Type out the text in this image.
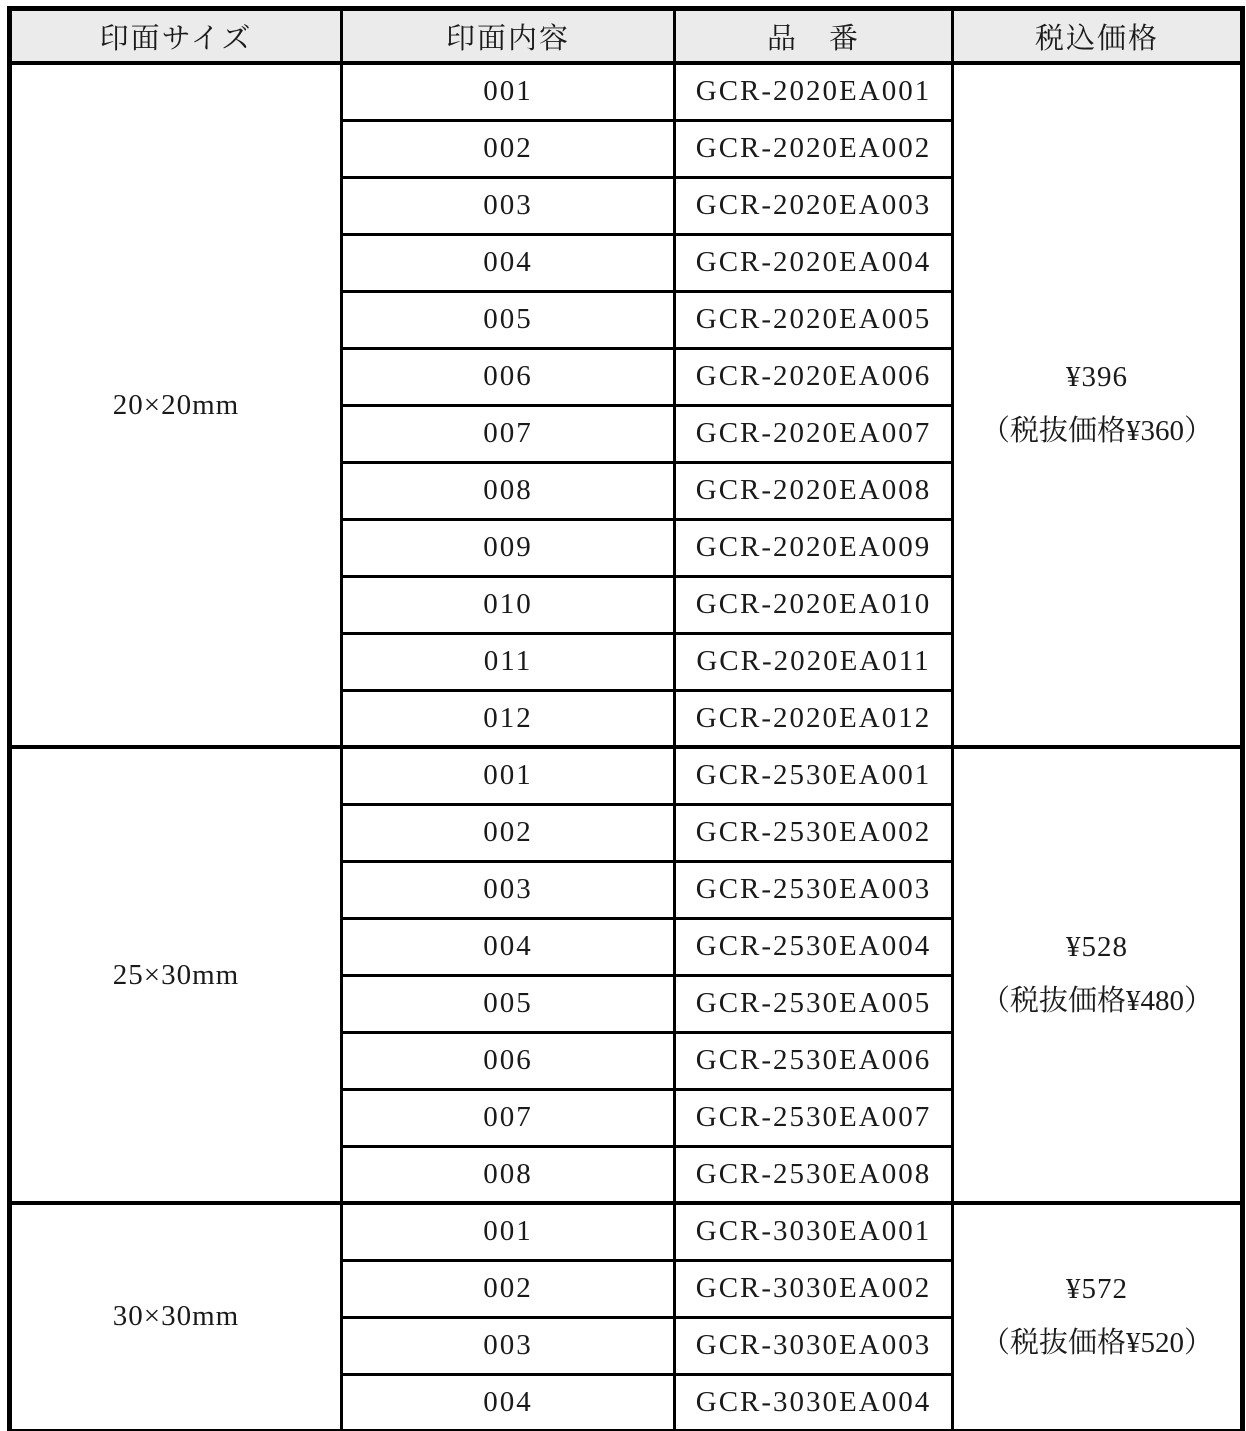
印面サイズ	印面内容	品　番	税込価格
20×20mm	001	GCR-2020EA001	¥396
（税抜価格¥360）

	002	GCR-2020EA002	
	003	GCR-2020EA003	
	004	GCR-2020EA004	
	005	GCR-2020EA005	
	006	GCR-2020EA006	
	007	GCR-2020EA007	
	008	GCR-2020EA008	
	009	GCR-2020EA009	
	010	GCR-2020EA010	
	011	GCR-2020EA011	
	012	GCR-2020EA012	
25×30mm	001	GCR-2530EA001	¥528
（税抜価格¥480）

	002	GCR-2530EA002	
	003	GCR-2530EA003	
	004	GCR-2530EA004	
	005	GCR-2530EA005	
	006	GCR-2530EA006	
	007	GCR-2530EA007	
	008	GCR-2530EA008	
30×30mm	001	GCR-3030EA001	¥572
（税抜価格¥520）

	002	GCR-3030EA002	
	003	GCR-3030EA003	
	004	GCR-3030EA004	
